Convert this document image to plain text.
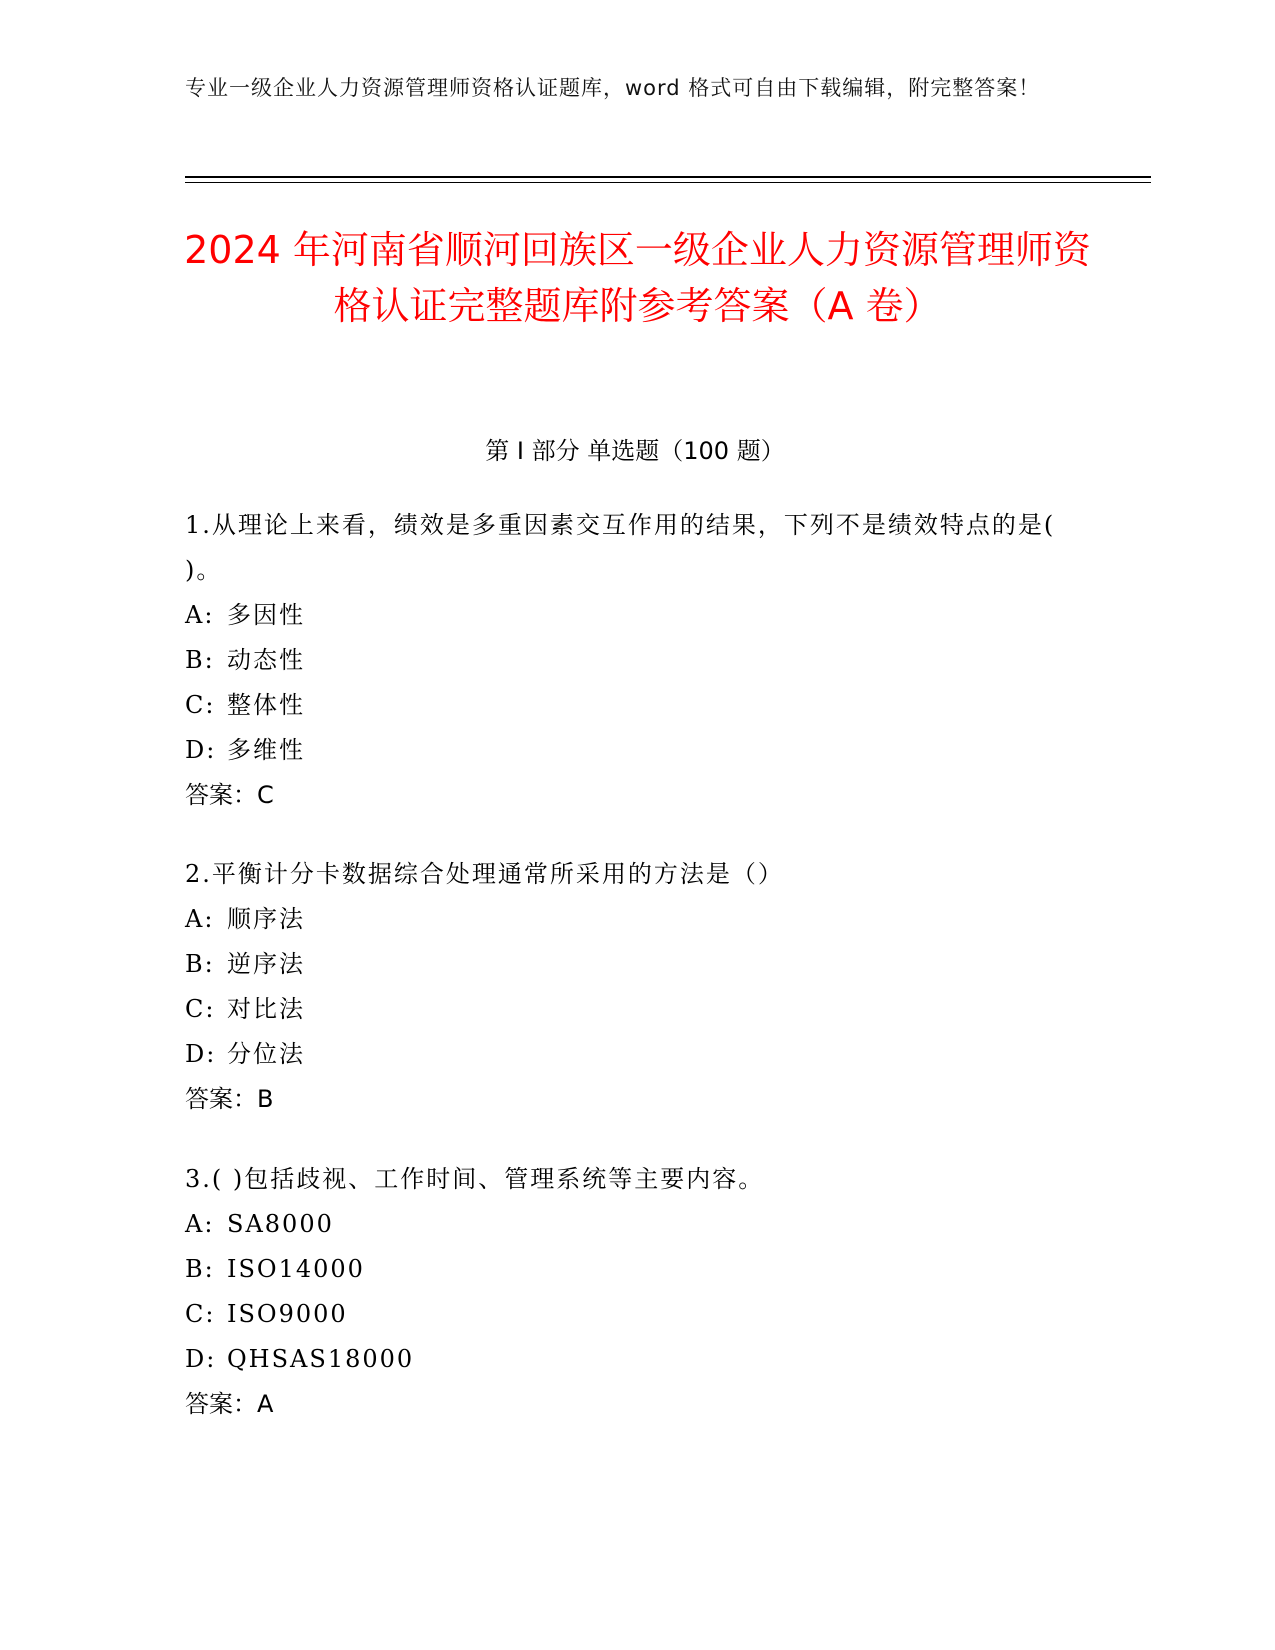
专业一级企业人力资源管理师资格认证题库，word 格式可自由下载编辑，附完整答案！
2024 年河南省顺河回族区一级企业人力资源管理师资格认证完整题库附参考答案（A 卷）
第 I 部分 单选题（100 题）
1.从理论上来看，绩效是多重因素交互作用的结果，下列不是绩效特点的是( )。
A: 多因性
B: 动态性
C: 整体性
D: 多维性
答案：C
2.平衡计分卡数据综合处理通常所采用的方法是（）
A: 顺序法
B: 逆序法
C: 对比法
D: 分位法
答案：B
3.( )包括歧视、工作时间、管理系统等主要内容。
A: SA8000
B: ISO14000
C: ISO9000
D: QHSAS18000
答案：A
